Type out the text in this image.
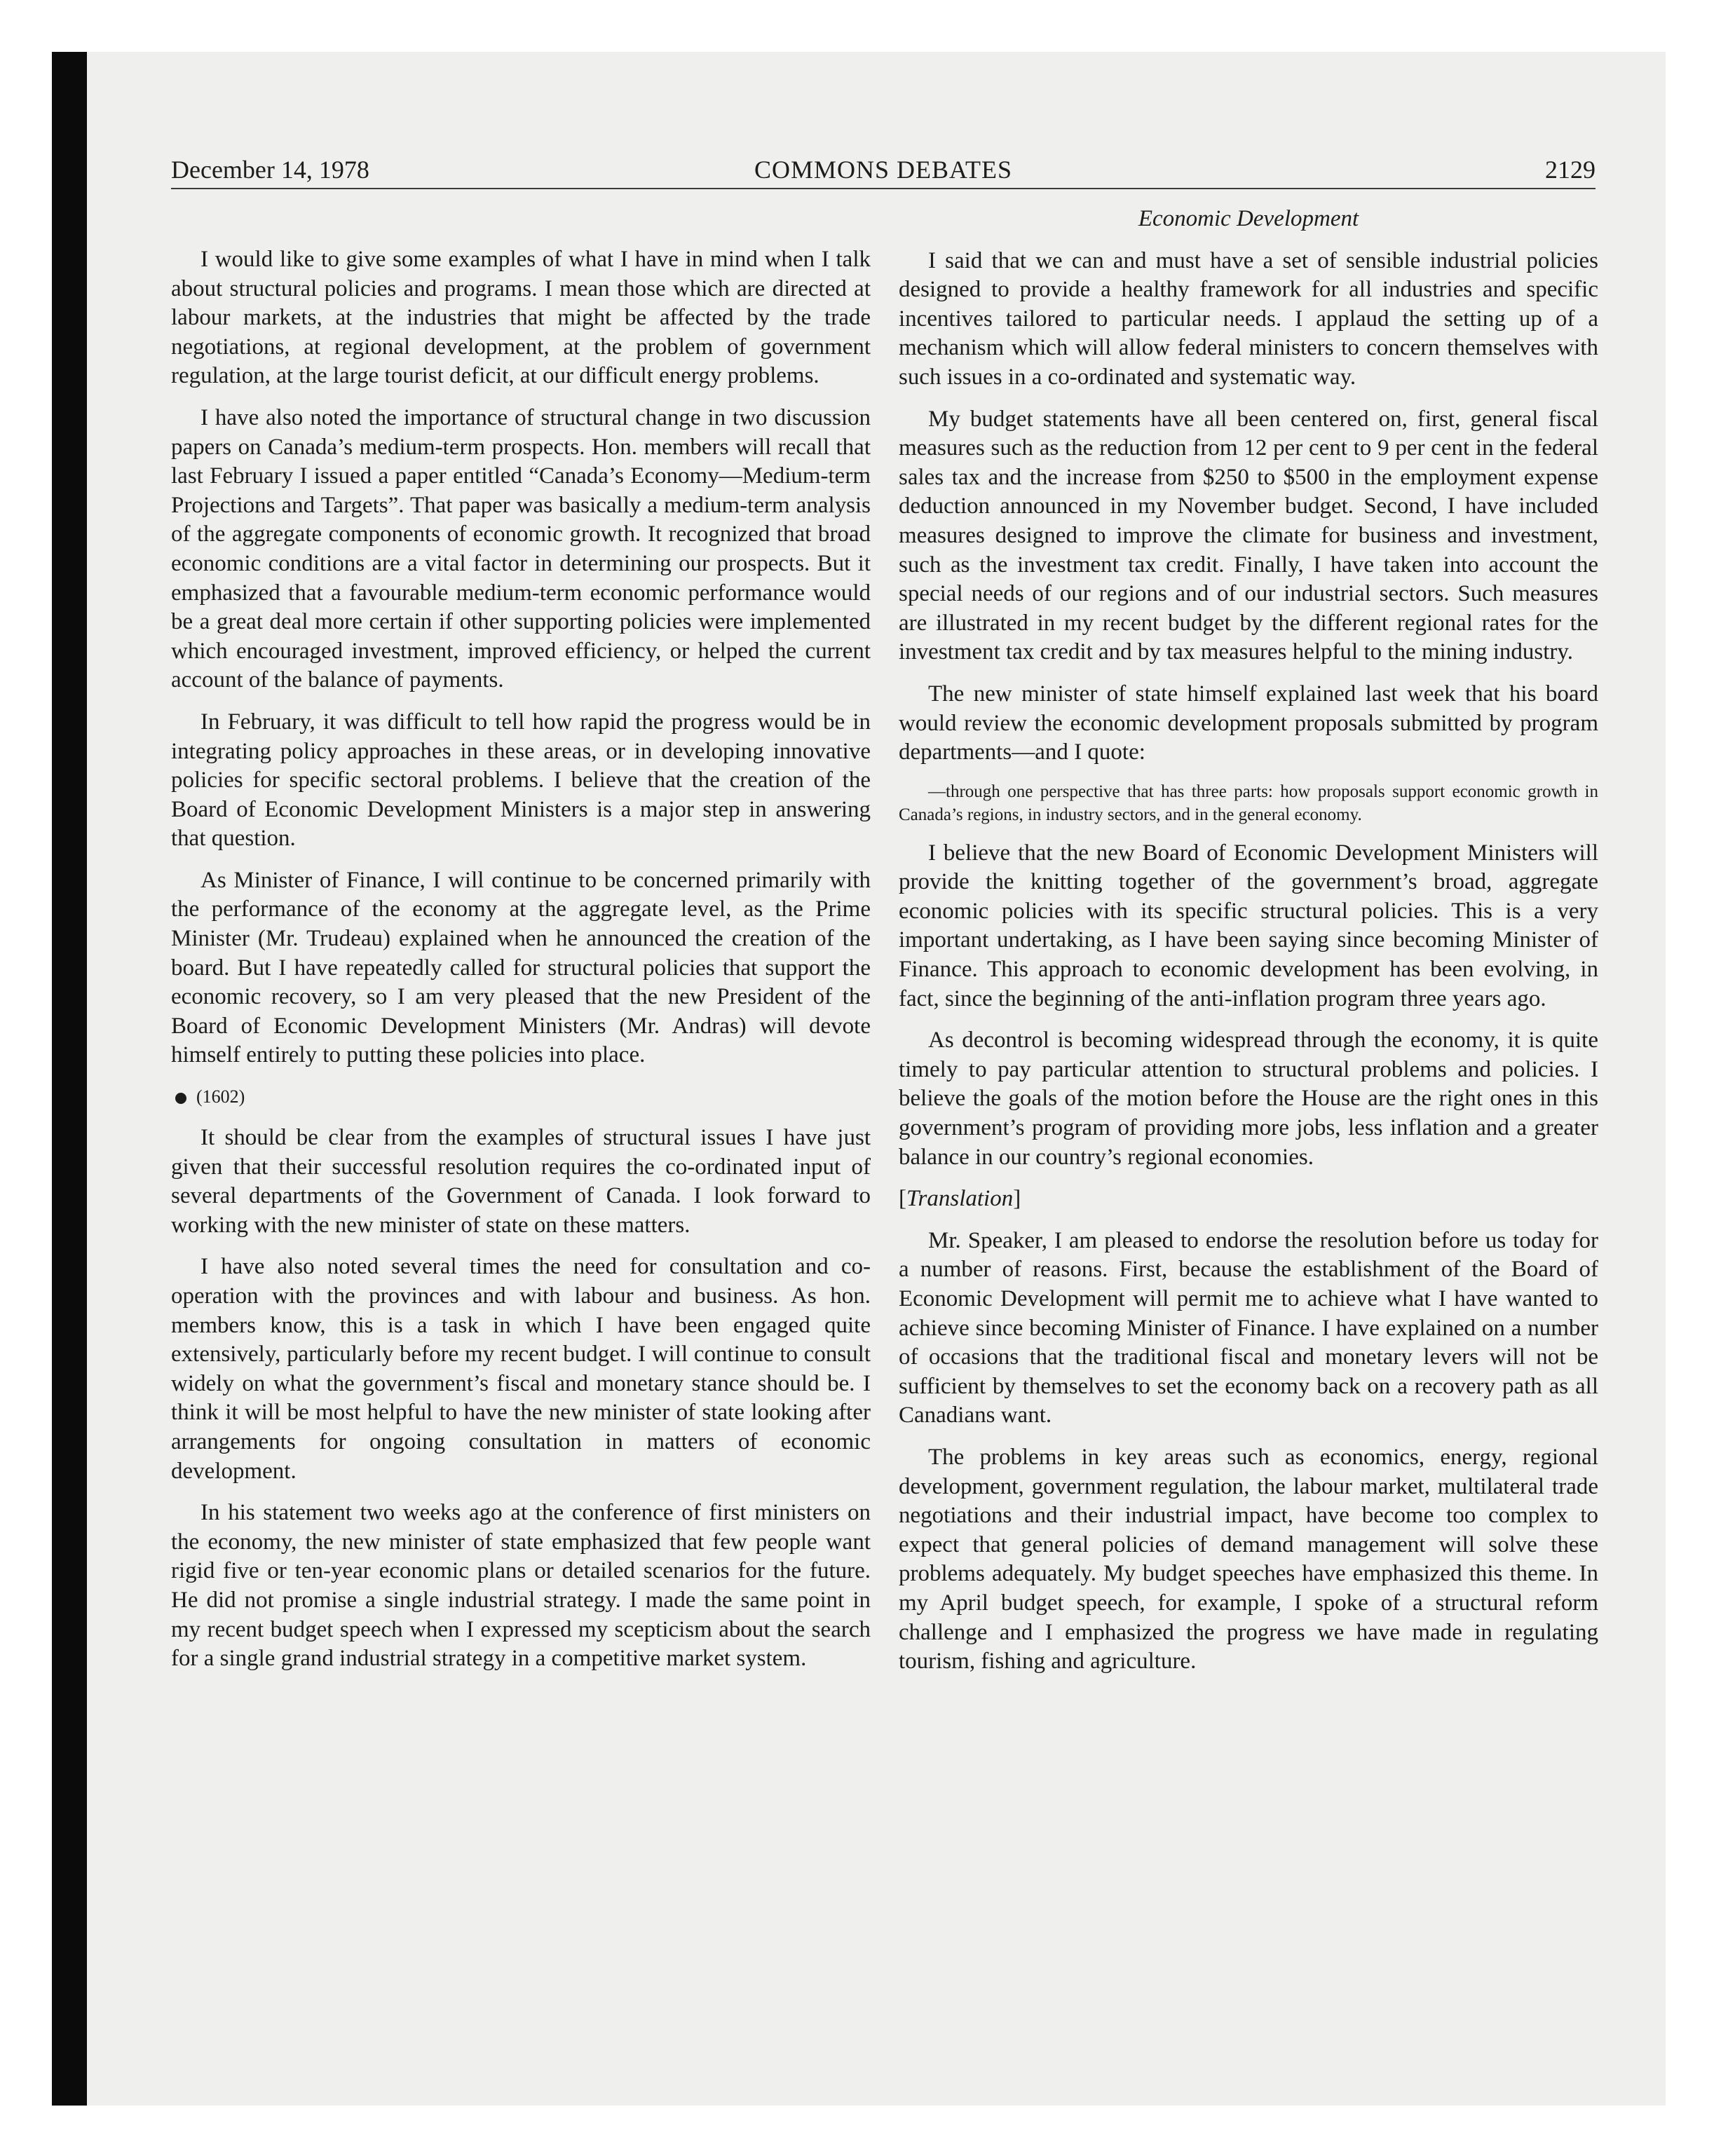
December 14, 1978	COMMONS DEBATES	2129

I would like to give some examples of what I have in mind when I talk about structural policies and programs. I mean those which are directed at labour markets, at the industries that might be affected by the trade negotiations, at regional development, at the problem of government regulation, at the large tourist deficit, at our difficult energy problems.

I have also noted the importance of structural change in two discussion papers on Canada’s medium-term prospects. Hon. members will recall that last February I issued a paper entitled “Canada’s Economy—Medium-term Projections and Targets”. That paper was basically a medium-term analysis of the aggregate components of economic growth. It recognized that broad economic conditions are a vital factor in determining our prospects. But it emphasized that a favourable medium-term economic performance would be a great deal more certain if other supporting policies were implemented which encouraged investment, improved efficiency, or helped the current account of the balance of payments.

In February, it was difficult to tell how rapid the progress would be in integrating policy approaches in these areas, or in developing innovative policies for specific sectoral problems. I believe that the creation of the Board of Economic Development Ministers is a major step in answering that question.

As Minister of Finance, I will continue to be concerned primarily with the performance of the economy at the aggregate level, as the Prime Minister (Mr. Trudeau) explained when he announced the creation of the board. But I have repeatedly called for structural policies that support the economic recovery, so I am very pleased that the new President of the Board of Economic Development Ministers (Mr. Andras) will devote himself entirely to putting these policies into place.

(1602)

It should be clear from the examples of structural issues I have just given that their successful resolution requires the co-ordinated input of several departments of the Government of Canada. I look forward to working with the new minister of state on these matters.

I have also noted several times the need for consultation and co-operation with the provinces and with labour and business. As hon. members know, this is a task in which I have been engaged quite extensively, particularly before my recent budget. I will continue to consult widely on what the government’s fiscal and monetary stance should be. I think it will be most helpful to have the new minister of state looking after arrangements for ongoing consultation in matters of economic development.

In his statement two weeks ago at the conference of first ministers on the economy, the new minister of state emphasized that few people want rigid five or ten-year economic plans or detailed scenarios for the future. He did not promise a single industrial strategy. I made the same point in my recent budget speech when I expressed my scepticism about the search for a single grand industrial strategy in a competitive market system.

Economic Development

I said that we can and must have a set of sensible industrial policies designed to provide a healthy framework for all industries and specific incentives tailored to particular needs. I applaud the setting up of a mechanism which will allow federal ministers to concern themselves with such issues in a co-ordinated and systematic way.

My budget statements have all been centered on, first, general fiscal measures such as the reduction from 12 per cent to 9 per cent in the federal sales tax and the increase from $250 to $500 in the employment expense deduction announced in my November budget. Second, I have included measures designed to improve the climate for business and investment, such as the investment tax credit. Finally, I have taken into account the special needs of our regions and of our industrial sectors. Such measures are illustrated in my recent budget by the different regional rates for the investment tax credit and by tax measures helpful to the mining industry.

The new minister of state himself explained last week that his board would review the economic development proposals submitted by program departments—and I quote:

—through one perspective that has three parts: how proposals support economic growth in Canada’s regions, in industry sectors, and in the general economy.

I believe that the new Board of Economic Development Ministers will provide the knitting together of the government’s broad, aggregate economic policies with its specific structural policies. This is a very important undertaking, as I have been saying since becoming Minister of Finance. This approach to economic development has been evolving, in fact, since the beginning of the anti-inflation program three years ago.

As decontrol is becoming widespread through the economy, it is quite timely to pay particular attention to structural problems and policies. I believe the goals of the motion before the House are the right ones in this government’s program of providing more jobs, less inflation and a greater balance in our country’s regional economies.

[Translation]

Mr. Speaker, I am pleased to endorse the resolution before us today for a number of reasons. First, because the establishment of the Board of Economic Development will permit me to achieve what I have wanted to achieve since becoming Minister of Finance. I have explained on a number of occasions that the traditional fiscal and monetary levers will not be sufficient by themselves to set the economy back on a recovery path as all Canadians want.

The problems in key areas such as economics, energy, regional development, government regulation, the labour market, multilateral trade negotiations and their industrial impact, have become too complex to expect that general policies of demand management will solve these problems adequately. My budget speeches have emphasized this theme. In my April budget speech, for example, I spoke of a structural reform challenge and I emphasized the progress we have made in regulating tourism, fishing and agriculture.
